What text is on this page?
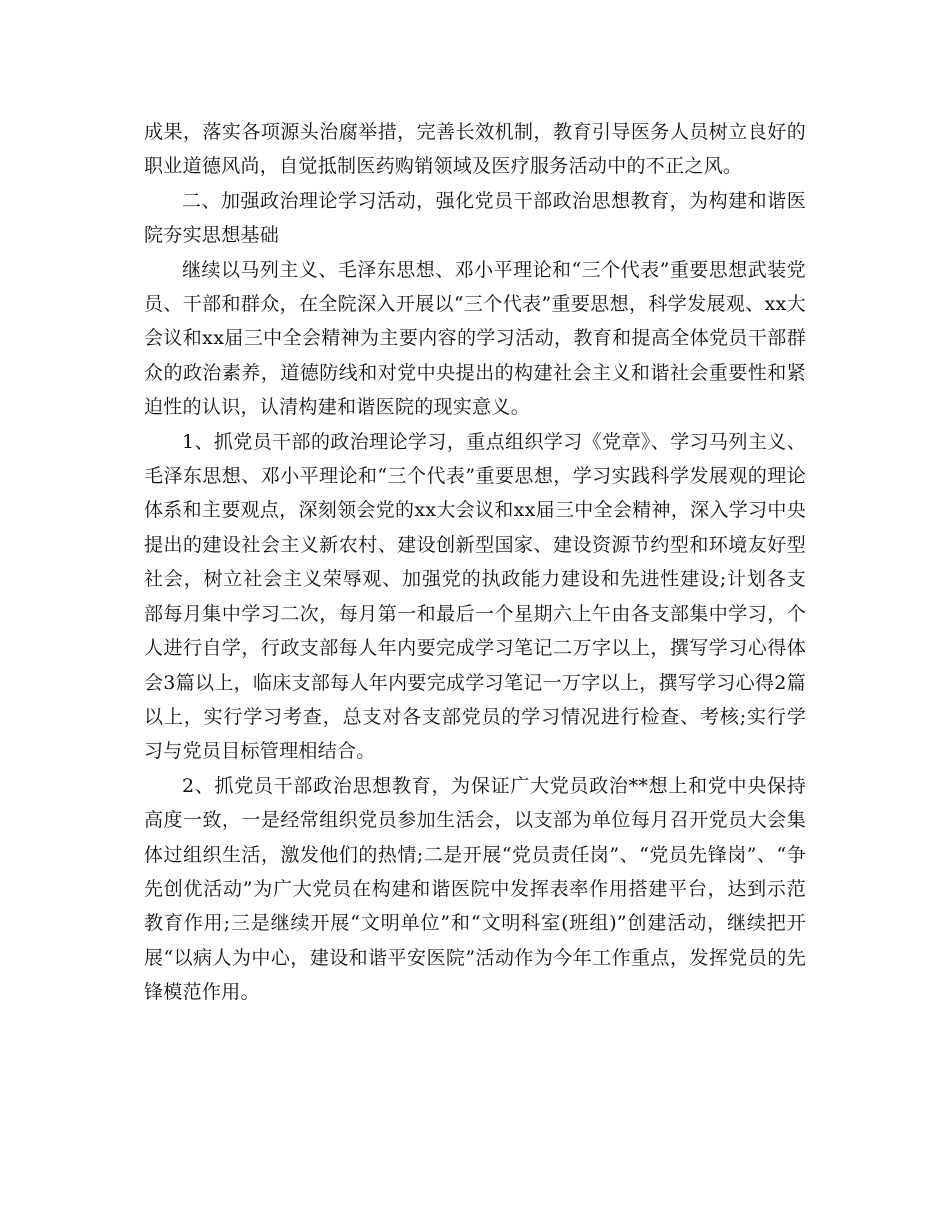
成果，落实各项源头治腐举措，完善长效机制，教育引导医务人员树立良好的职业道德风尚，自觉抵制医药购销领域及医疗服务活动中的不正之风。

二、加强政治理论学习活动，强化党员干部政治思想教育，为构建和谐医院夯实思想基础

继续以马列主义、毛泽东思想、邓小平理论和“三个代表”重要思想武装党员、干部和群众，在全院深入开展以“三个代表”重要思想，科学发展观、xx大会议和xx届三中全会精神为主要内容的学习活动，教育和提高全体党员干部群众的政治素养，道德防线和对党中央提出的构建社会主义和谐社会重要性和紧迫性的认识，认清构建和谐医院的现实意义。

1、抓党员干部的政治理论学习，重点组织学习《党章》、学习马列主义、毛泽东思想、邓小平理论和“三个代表”重要思想，学习实践科学发展观的理论体系和主要观点，深刻领会党的xx大会议和xx届三中全会精神，深入学习中央提出的建设社会主义新农村、建设创新型国家、建设资源节约型和环境友好型社会，树立社会主义荣辱观、加强党的执政能力建设和先进性建设;计划各支部每月集中学习二次，每月第一和最后一个星期六上午由各支部集中学习，个人进行自学，行政支部每人年内要完成学习笔记二万字以上，撰写学习心得体会3篇以上，临床支部每人年内要完成学习笔记一万字以上，撰写学习心得2篇以上，实行学习考查，总支对各支部党员的学习情况进行检查、考核;实行学习与党员目标管理相结合。

2、抓党员干部政治思想教育，为保证广大党员政治**想上和党中央保持高度一致，一是经常组织党员参加生活会，以支部为单位每月召开党员大会集体过组织生活，激发他们的热情;二是开展“党员责任岗”、“党员先锋岗”、“争先创优活动”为广大党员在构建和谐医院中发挥表率作用搭建平台，达到示范教育作用;三是继续开展“文明单位”和“文明科室(班组)”创建活动，继续把开展“以病人为中心，建设和谐平安医院”活动作为今年工作重点，发挥党员的先锋模范作用。
